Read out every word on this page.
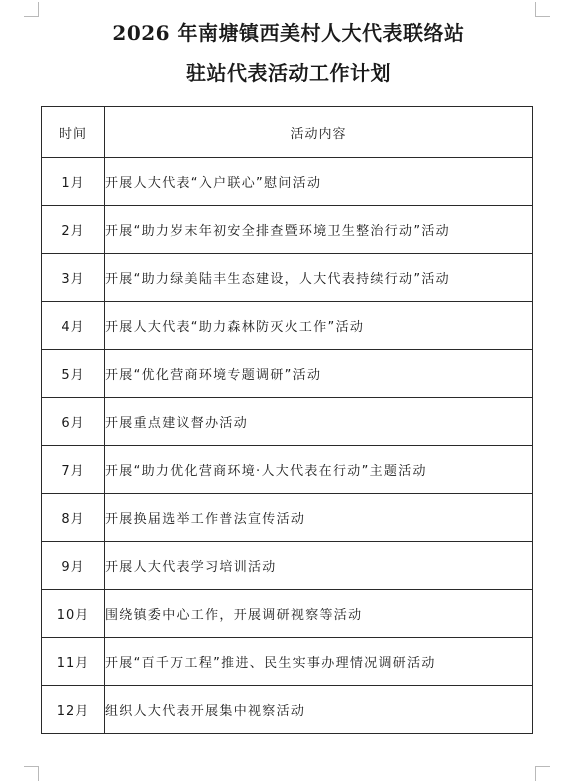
2026 年南塘镇西美村人大代表联络站
驻站代表活动工作计划
时间	活动内容
1月	开展人大代表“入户联心”慰问活动
2月	开展“助力岁末年初安全排查暨环境卫生整治行动”活动
3月	开展“助力绿美陆丰生态建设，人大代表持续行动”活动
4月	开展人大代表“助力森林防灭火工作”活动
5月	开展“优化营商环境专题调研”活动
6月	开展重点建议督办活动
7月	开展“助力优化营商环境·人大代表在行动”主题活动
8月	开展换届选举工作普法宣传活动
9月	开展人大代表学习培训活动
10月	围绕镇委中心工作，开展调研视察等活动
11月	开展“百千万工程”推进、民生实事办理情况调研活动
12月	组织人大代表开展集中视察活动
